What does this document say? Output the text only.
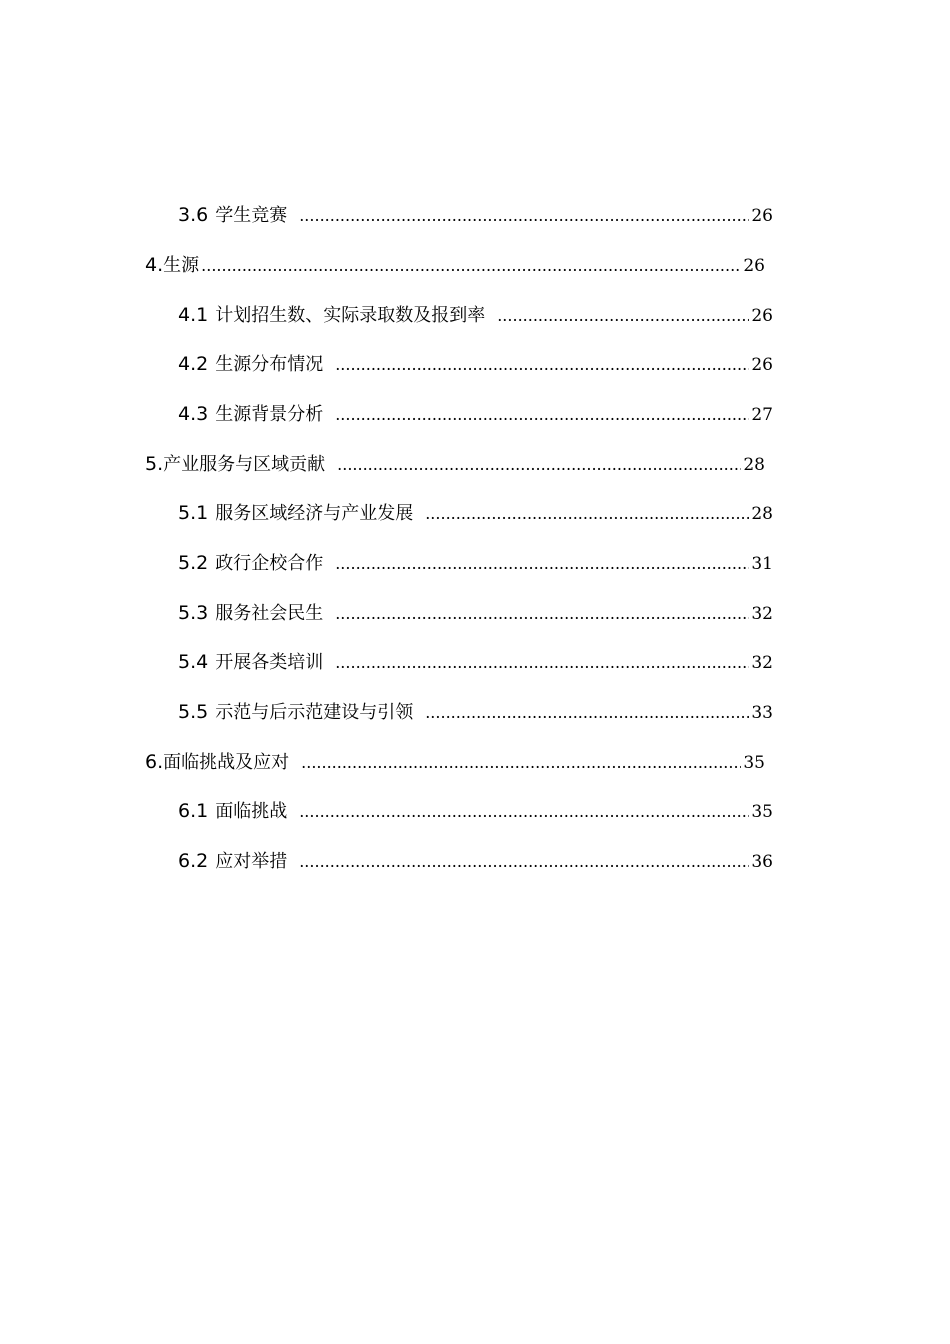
3.6 学生竞赛 .....	26
4. 生源 .....	26
4.1 计划招生数、实际录取数及报到率 .....	26
4.2 生源分布情况 .....	26
4.3 生源背景分析 .....	27
5. 产业服务与区域贡献 .....	28
5.1 服务区域经济与产业发展 .....	28
5.2 政行企校合作 .....	31
5.3 服务社会民生 .....	32
5.4 开展各类培训 .....	32
5.5 示范与后示范建设与引领 .....	33
6. 面临挑战及应对 .....	35
6.1 面临挑战 .....	35
6.2 应对举措 .....	36
